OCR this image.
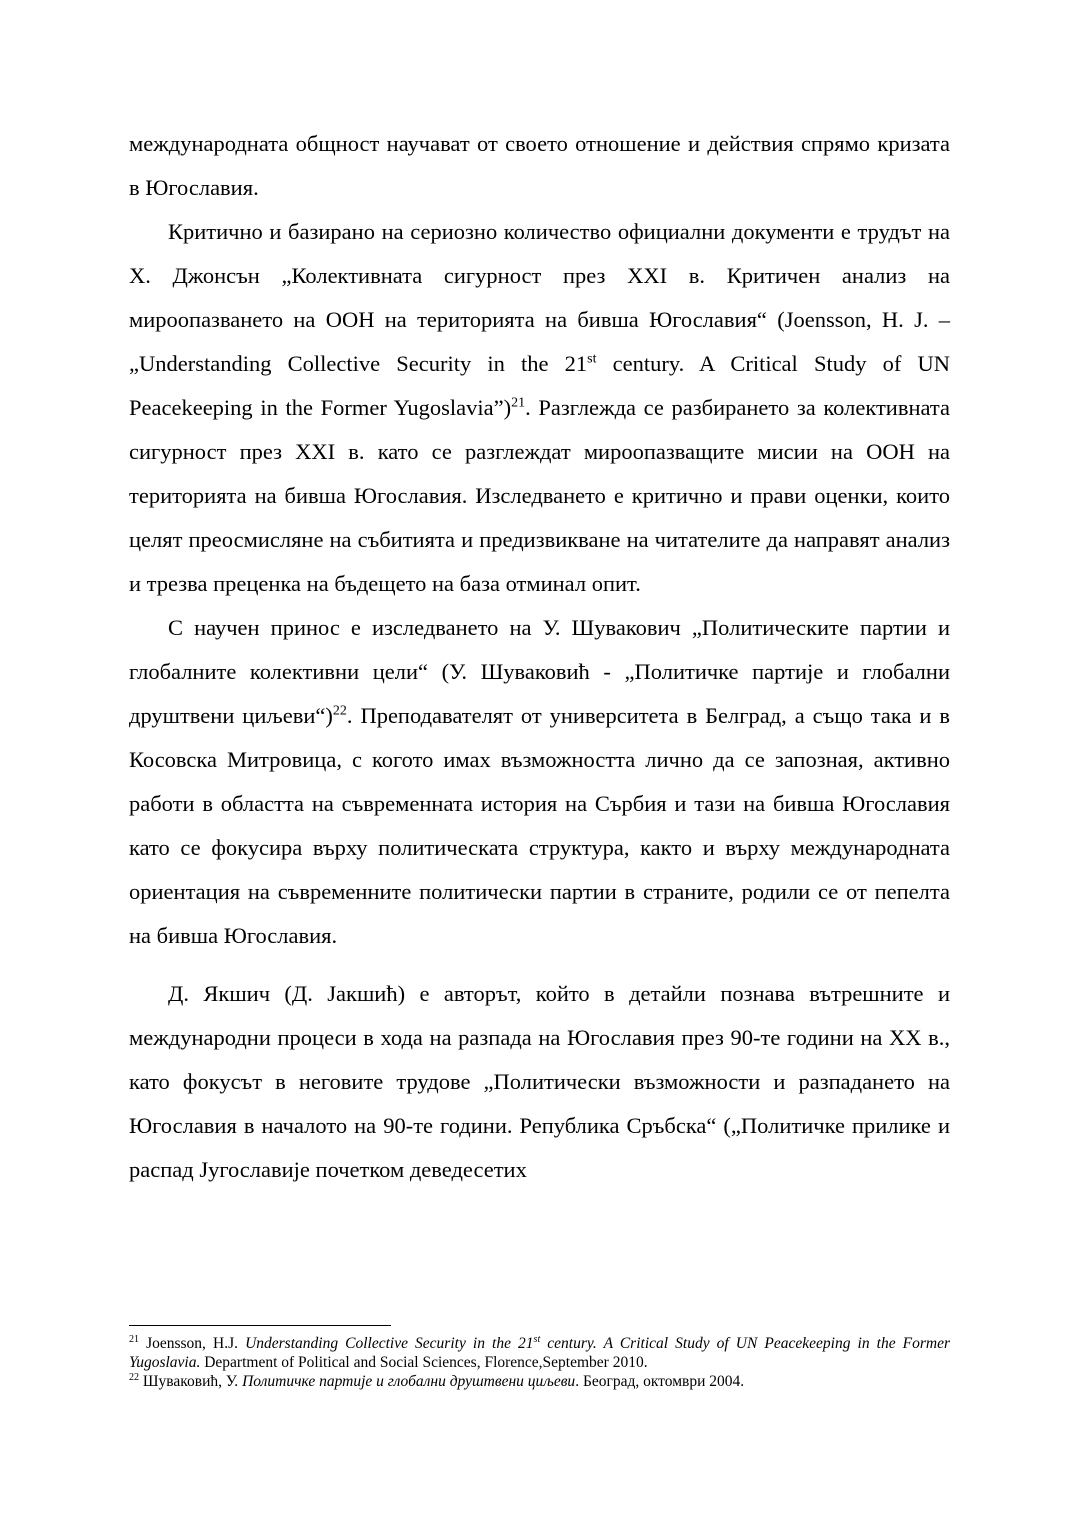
международната общност научават от своето отношение и действия спрямо кризата в Югославия.

Критично и базирано на сериозно количество официални документи е трудът на Х. Джонсън „Колективната сигурност през XXI в. Критичен анализ на мироопазването на ООН на територията на бивша Югославия“ (Joensson, H. J. – „Understanding Collective Security in the 21st century. A Critical Study of UN Peacekeeping in the Former Yugoslavia”)$^{21}$. Разглежда се разбирането за колективната сигурност през XXI в. като се разглеждат мироопазващите мисии на ООН на територията на бивша Югославия. Изследването е критично и прави оценки, които целят преосмисляне на събитията и предизвикване на читателите да направят анализ и трезва преценка на бъдещето на база отминал опит.

С научен принос е изследването на У. Шувакович „Политическите партии и глобалните колективни цели“ (У. Шуваковић - „Политичке партије и глобални друштвени циљеви“)$^{22}$. Преподавателят от университета в Белград, а също така и в Косовска Митровица, с когото имах възможността лично да се запозная, активно работи в областта на съвременната история на Сърбия и тази на бивша Югославия като се фокусира върху политическата структура, както и върху международната ориентация на съвременните политически партии в страните, родили се от пепелта на бивша Югославия.

Д. Якшич (Д. Јакшић) е авторът, който в детайли познава вътрешните и международни процеси в хода на разпада на Югославия през 90-те години на XX в., като фокусът в неговите трудове „Политически възможности и разпадането на Югославия в началото на 90-те години. Република Сръбска“ („Политичке прилике и распад Југославије почетком деведесетих

$^{21}$ Joensson, H.J. Understanding Collective Security in the 21st century. A Critical Study of UN Peacekeeping in the Former Yugoslavia. Department of Political and Social Sciences, Florence,September 2010.

$^{22}$ Шуваковић, У. Политичке партије и глобални друштвени циљеви. Београд, октомври 2004.
